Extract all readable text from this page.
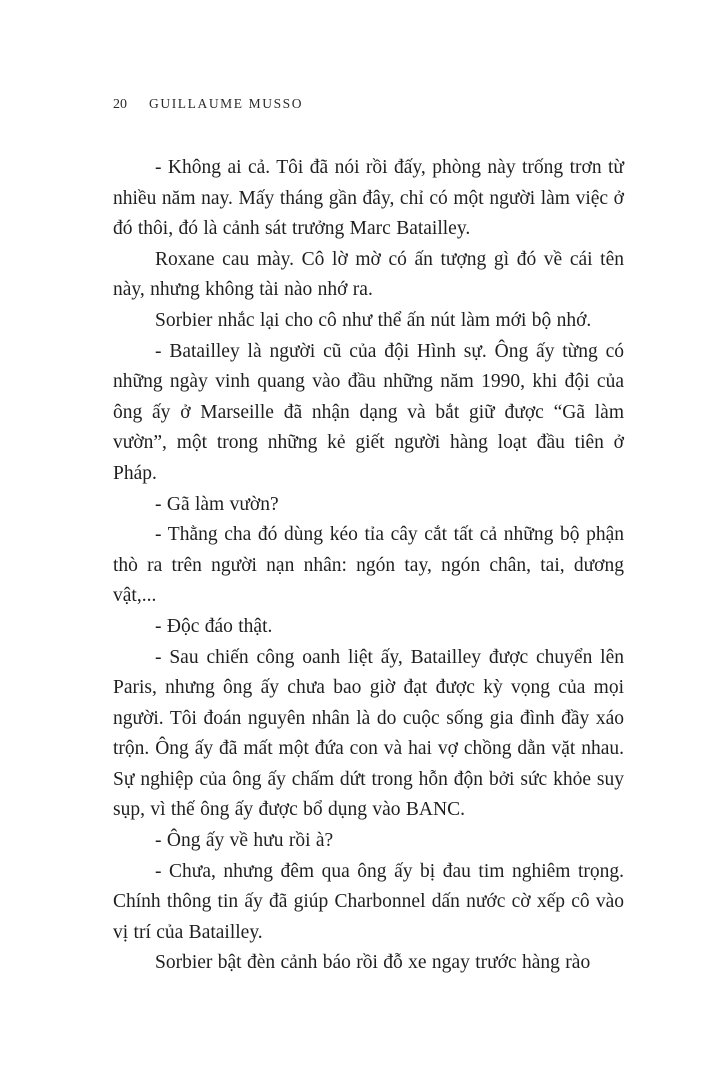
20 GUILLAUME MUSSO

- Không ai cả. Tôi đã nói rồi đấy, phòng này trống trơn từ nhiều năm nay. Mấy tháng gần đây, chỉ có một người làm việc ở đó thôi, đó là cảnh sát trưởng Marc Batailley.

Roxane cau mày. Cô lờ mờ có ấn tượng gì đó về cái tên này, nhưng không tài nào nhớ ra.

Sorbier nhắc lại cho cô như thể ấn nút làm mới bộ nhớ.

- Batailley là người cũ của đội Hình sự. Ông ấy từng có những ngày vinh quang vào đầu những năm 1990, khi đội của ông ấy ở Marseille đã nhận dạng và bắt giữ được “Gã làm vườn”, một trong những kẻ giết người hàng loạt đầu tiên ở Pháp.

- Gã làm vườn?

- Thằng cha đó dùng kéo tỉa cây cắt tất cả những bộ phận thò ra trên người nạn nhân: ngón tay, ngón chân, tai, dương vật,...

- Độc đáo thật.

- Sau chiến công oanh liệt ấy, Batailley được chuyển lên Paris, nhưng ông ấy chưa bao giờ đạt được kỳ vọng của mọi người. Tôi đoán nguyên nhân là do cuộc sống gia đình đầy xáo trộn. Ông ấy đã mất một đứa con và hai vợ chồng dằn vặt nhau. Sự nghiệp của ông ấy chấm dứt trong hỗn độn bởi sức khỏe suy sụp, vì thế ông ấy được bổ dụng vào BANC.

- Ông ấy về hưu rồi à?

- Chưa, nhưng đêm qua ông ấy bị đau tim nghiêm trọng. Chính thông tin ấy đã giúp Charbonnel dấn nước cờ xếp cô vào vị trí của Batailley.

Sorbier bật đèn cảnh báo rồi đỗ xe ngay trước hàng rào
